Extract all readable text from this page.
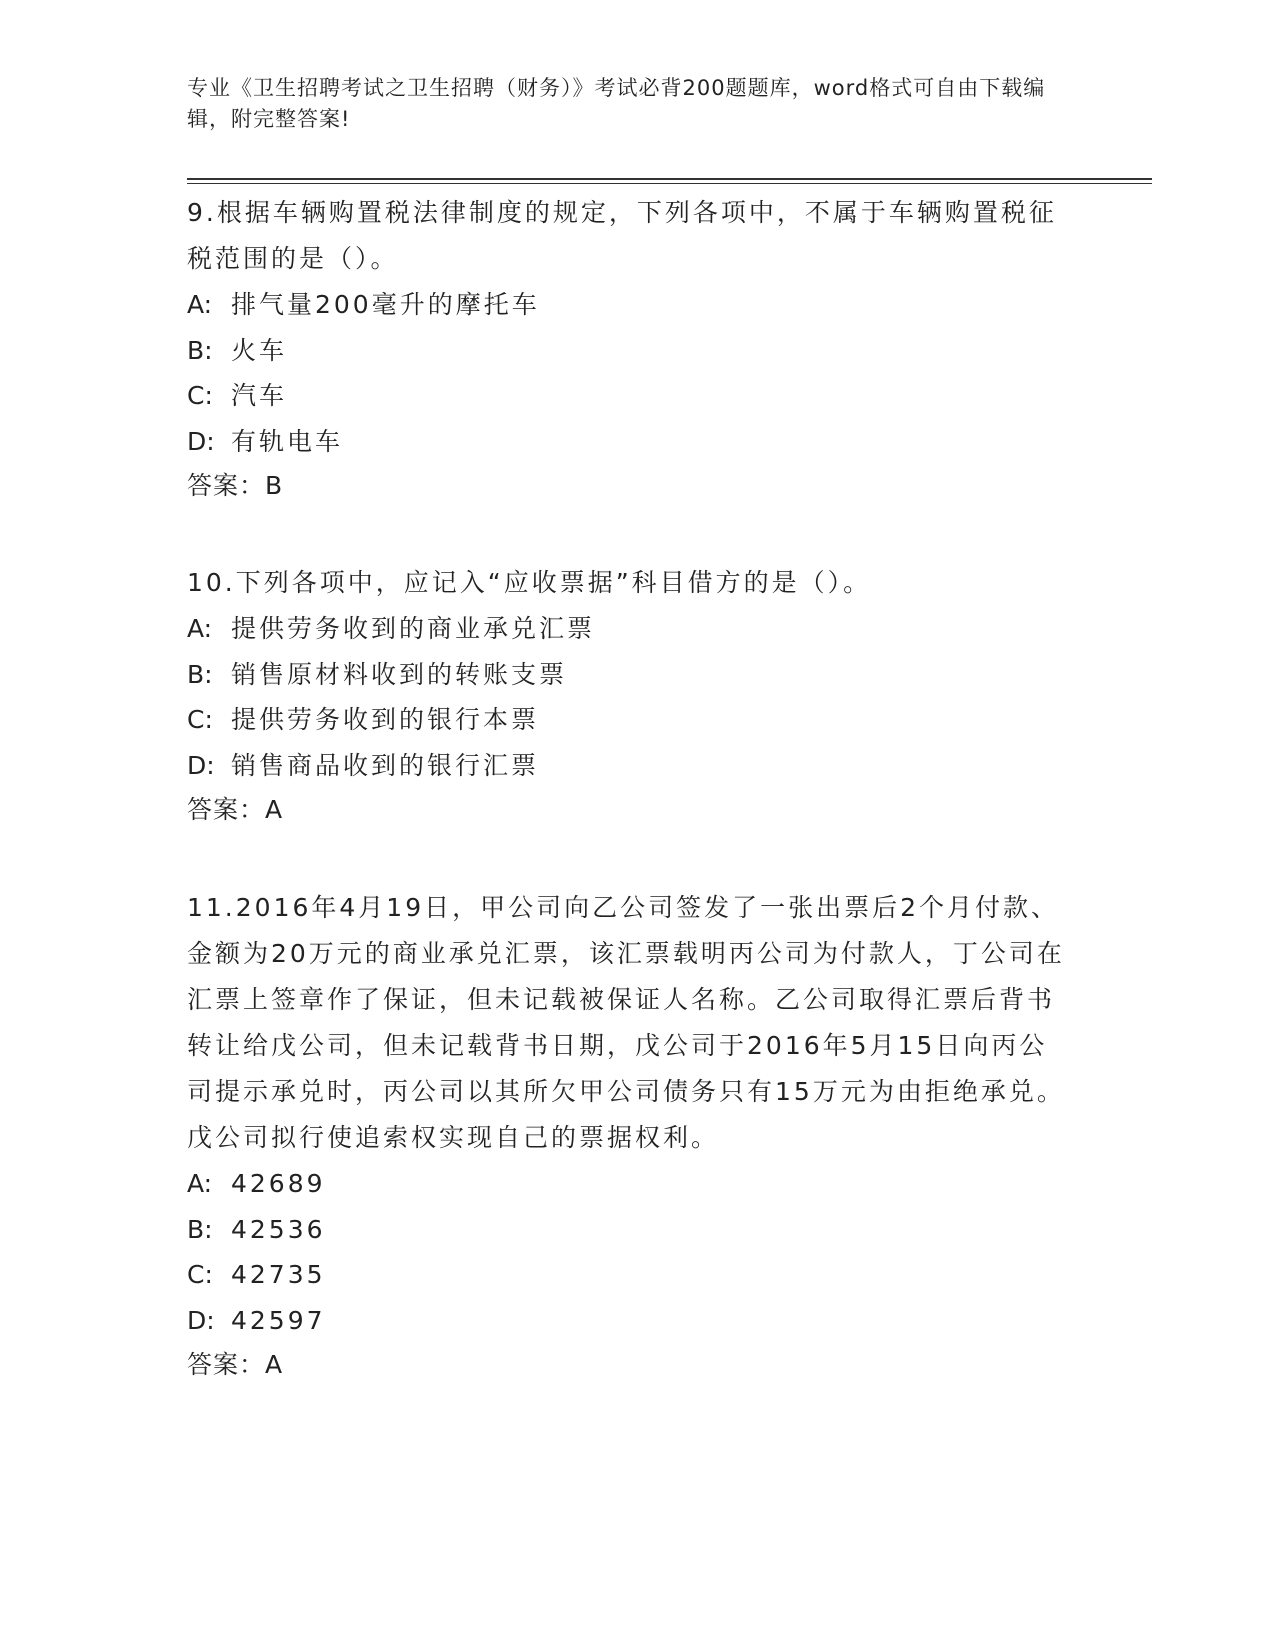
专业《卫生招聘考试之卫生招聘（财务）》考试必背200题题库，word格式可自由下载编辑，附完整答案!

9.根据车辆购置税法律制度的规定，下列各项中，不属于车辆购置税征税范围的是（）。

A: 排气量200毫升的摩托车

B: 火车

C: 汽车

D: 有轨电车

答案：B

10.下列各项中，应记入“应收票据”科目借方的是（）。

A: 提供劳务收到的商业承兑汇票

B: 销售原材料收到的转账支票

C: 提供劳务收到的银行本票

D: 销售商品收到的银行汇票

答案：A

11.2016年4月19日，甲公司向乙公司签发了一张出票后2个月付款、金额为20万元的商业承兑汇票，该汇票载明丙公司为付款人，丁公司在汇票上签章作了保证，但未记载被保证人名称。乙公司取得汇票后背书转让给戊公司，但未记载背书日期，戊公司于2016年5月15日向丙公司提示承兑时，丙公司以其所欠甲公司债务只有15万元为由拒绝承兑。戊公司拟行使追索权实现自己的票据权利。

A: 42689

B: 42536

C: 42735

D: 42597

答案：A
